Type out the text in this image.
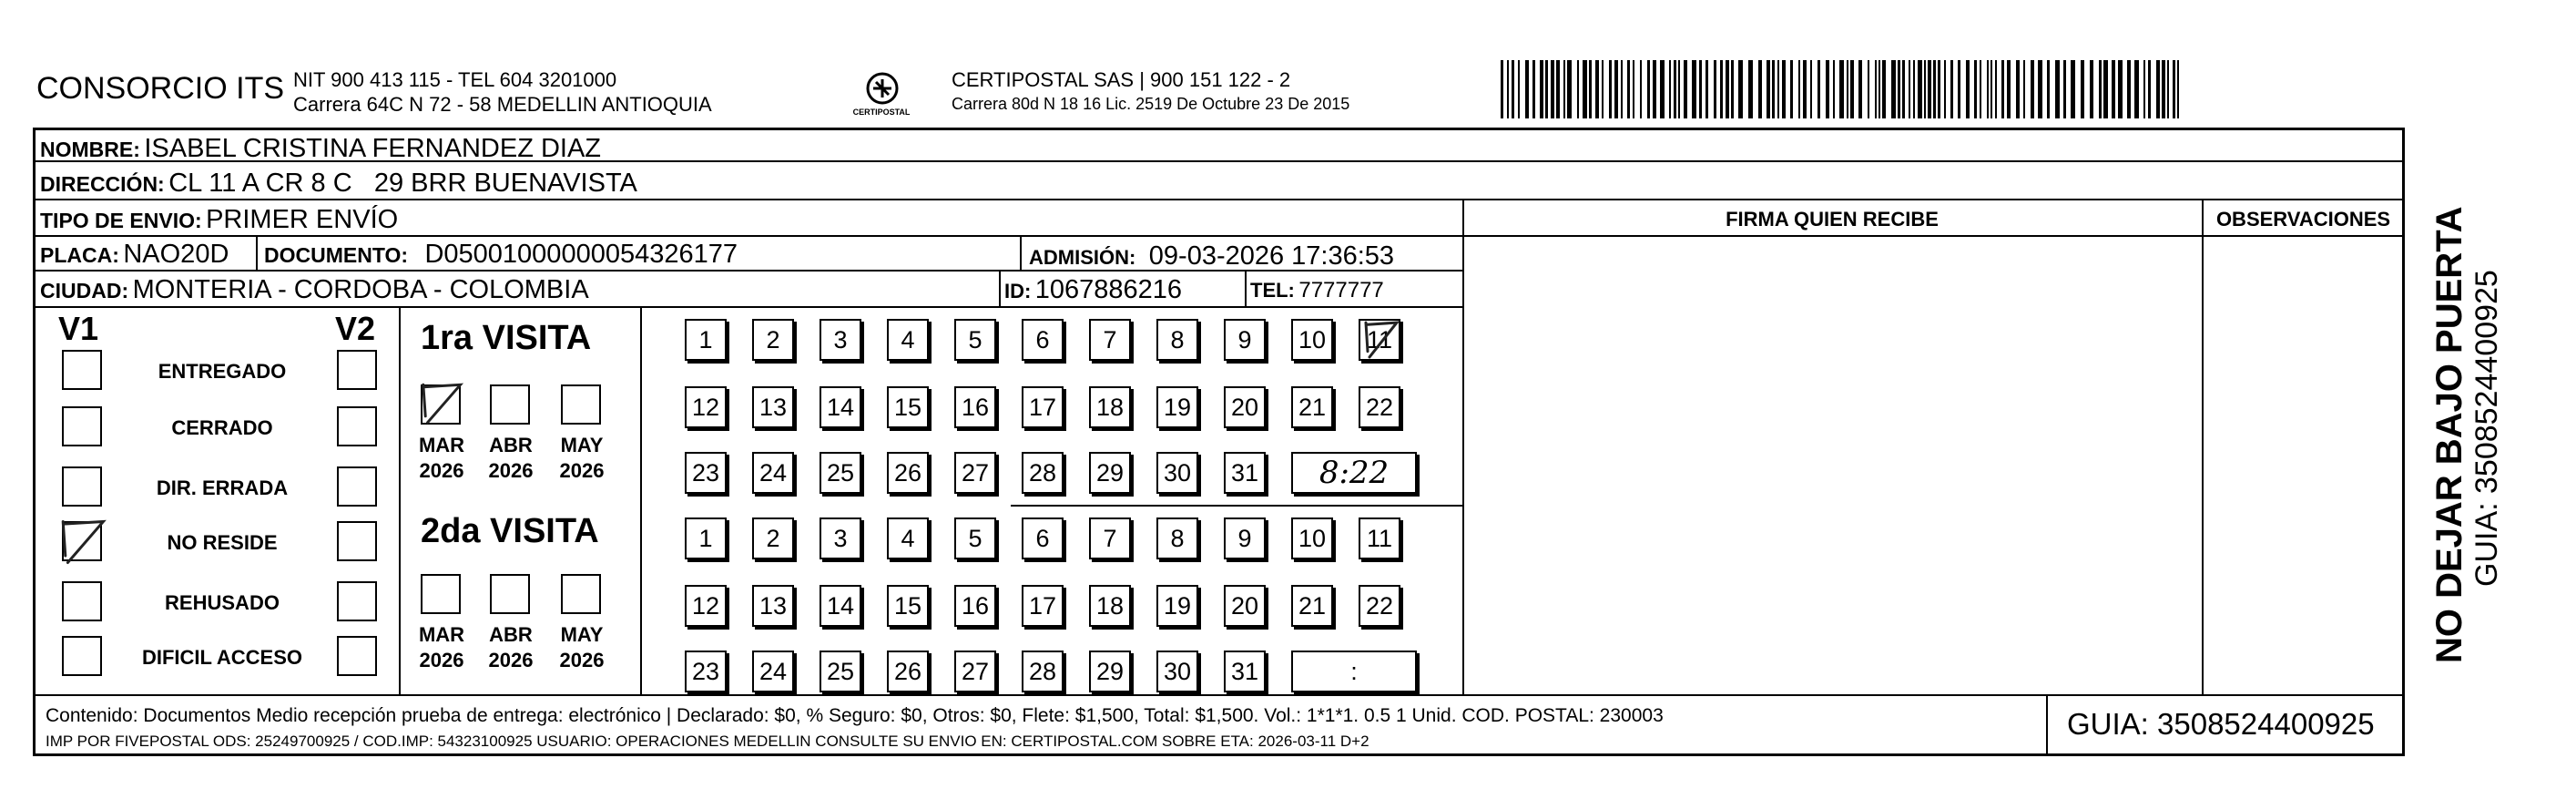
CONSORCIO ITS NIT 900 413 115 - TEL 604 3201000
Carrera 64C N 72 - 58 MEDELLIN ANTIOQUIA	CERTIPOSTAL
CERTIPOSTAL SAS | 900 151 122 - 2
Carrera 80d N 18 16 Lic. 2519 De Octubre 23 De 2015
NOMBRE: ISABEL CRISTINA FERNANDEZ DIAZ
DIRECCIÓN: CL 11 A CR 8 C   29 BRR BUENAVISTA
TIPO DE ENVIO: PRIMER ENVÍO	FIRMA QUIEN RECIBE	OBSERVACIONES
PLACA: NAO20D DOCUMENTO: D05001000000054326177	ADMISIÓN: 09-03-2026 17:36:53
CIUDAD: MONTERIA - CORDOBA - COLOMBIA	ID: 1067886216	TEL: 7777777
V1	V2
ENTREGADO
CERRADO
DIR. ERRADA
NO RESIDE
REHUSADO
DIFICIL ACCESO
1ra VISITA
MAR
2026
ABR
2026
MAY
2026
1	2	3	4	5	6	7	8	9	10	11
12 13 14 15 16 17 18 19 20 21 22
23 24 25 26 27 28 29 30 31	8:22
2da VISITA
MAR
2026
ABR
2026
MAY
2026
1	2	3	4	5	6	7	8	9	10	11
12 13 14 15 16 17 18 19 20 21 22
23 24 25 26 27 28 29 30 31	:
Contenido: Documentos Medio recepción prueba de entrega: electrónico | Declarado: $0, % Seguro: $0, Otros: $0, Flete: $1,500, Total: $1,500. Vol.: 1*1*1. 0.5 1 Unid. COD. POSTAL: 230003
IMP POR FIVEPOSTAL ODS: 25249700925 / COD.IMP: 54323100925 USUARIO: OPERACIONES MEDELLIN CONSULTE SU ENVIO EN: CERTIPOSTAL.COM SOBRE ETA: 2026-03-11 D+2
GUIA: 3508524400925
NO DEJAR BAJO PUERTA GUIA: 3508524400925
